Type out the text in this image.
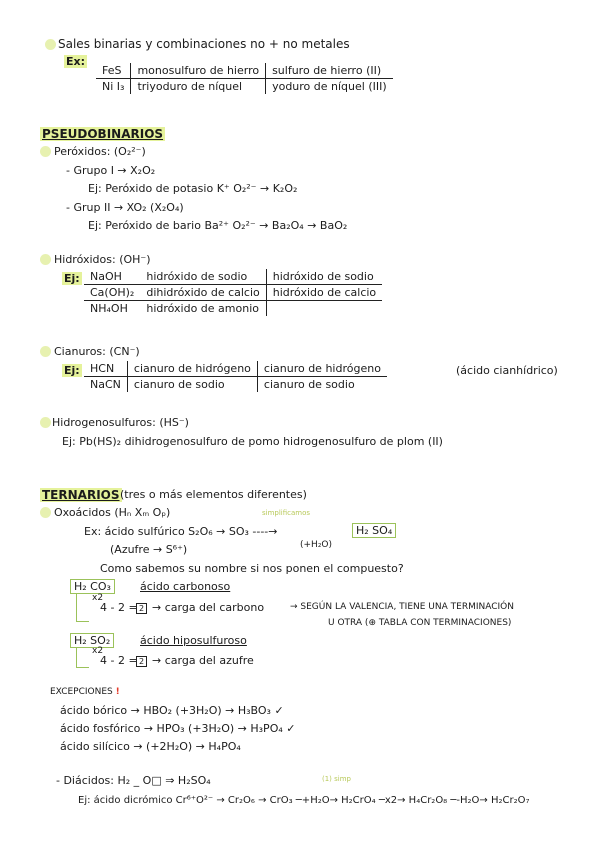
Sales binarias y combinaciones no + no metales
Ex:
FeS	monosulfuro de hierro	sulfuro de hierro (II)
Ni I₃	triyoduro de níquel	yoduro de níquel (III)
PSEUDOBINARIOS
Peróxidos: (O₂²⁻)
- Grupo I → X₂O₂
Ej: Peróxido de potasio K⁺ O₂²⁻ → K₂O₂
- Grup II → XO₂ (X₂O₄)
Ej: Peróxido de bario Ba²⁺ O₂²⁻ → Ba₂O₄ → BaO₂
Hidróxidos: (OH⁻)
Ej: NaOH	hidróxido de sodio	hidróxido de sodio
Ca(OH)₂	dihidróxido de calcio	hidróxido de calcio
NH₄OH	hidróxido de amonio	
Cianuros: (CN⁻)
Ej: HCN	cianuro de hidrógeno	cianuro de hidrógeno
NaCN	cianuro de sodio	cianuro de sodio
(ácido cianhídrico)
Hidrogenosulfuros: (HS⁻)
Ej: Pb(HS)₂ dihidrogenosulfuro de pomo hidrogenosulfuro de plom (II)
TERNARIOS (tres o más elementos diferentes)
Oxoácidos (Hₙ Xₘ Oₚ)	simplificamos
Ex: ácido sulfúrico S₂O₆ → SO₃ ----→	H₂ SO₄
(+H₂O)
(Azufre → S⁶⁺)
Como sabemos su nombre si nos ponen el compuesto?
H₂ CO₃	ácido carbonoso
x2
4 - 2 = 2 → carga del carbono	→ SEGÚN LA VALENCIA, TIENE UNA TERMINACIÓN
U OTRA (⊕ TABLA CON TERMINACIONES)
H₂ SO₂	ácido hiposulfuroso
x2
4 - 2 = 2 → carga del azufre
EXCEPCIONES !
ácido bórico → HBO₂ (+3H₂O) → H₃BO₃ ✓
ácido fosfórico → HPO₃ (+3H₂O) → H₃PO₄ ✓
ácido silícico → (+2H₂O) → H₄PO₄
- Diácidos: H₂ _ O□ ⇒ H₂SO₄	(1) simp
Ej: ácido dicrómico Cr⁶⁺O²⁻ → Cr₂O₆ → CrO₃ ─+H₂O→ H₂CrO₄ ─x2→ H₄Cr₂O₈ ─-H₂O→ H₂Cr₂O₇
